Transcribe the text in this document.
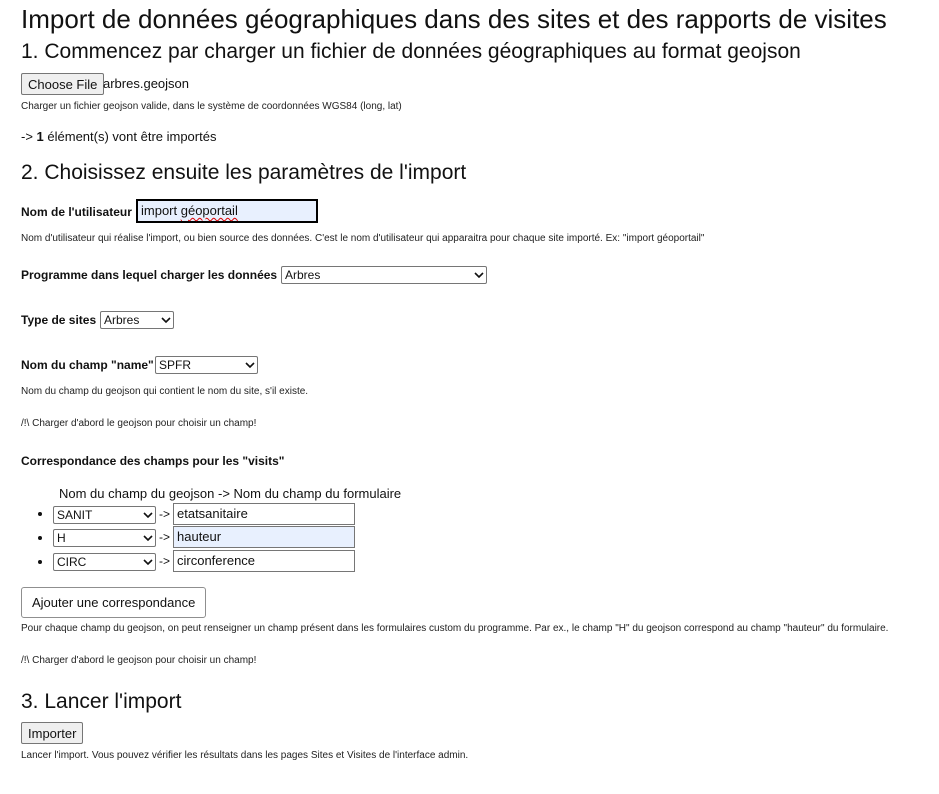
Import de données géographiques dans des sites et des rapports de visites
1. Commencez par charger un fichier de données géographiques au format geojson
Choose File arbres.geojson
Charger un fichier geojson valide, dans le système de coordonnées WGS84 (long, lat)
-> 1 élément(s) vont être importés
2. Choisissez ensuite les paramètres de l'import
Nom de l'utilisateur import géoportail
Nom d'utilisateur qui réalise l'import, ou bien source des données. C'est le nom d'utilisateur qui apparaitra pour chaque site importé. Ex: "import géoportail"
Programme dans lequel charger les données Arbres
Type de sites Arbres
Nom du champ "name" SPFR
Nom du champ du geojson qui contient le nom du site, s'il existe.
/!\ Charger d'abord le geojson pour choisir un champ!
Correspondance des champs pour les "visits"
Nom du champ du geojson -> Nom du champ du formulaire
SANIT	-> etatsanitaire
H	-> hauteur
CIRC	-> circonference
Ajouter une correspondance
Pour chaque champ du geojson, on peut renseigner un champ présent dans les formulaires custom du programme. Par ex., le champ "H" du geojson correspond au champ "hauteur" du formulaire.
/!\ Charger d'abord le geojson pour choisir un champ!
3. Lancer l'import
Importer
Lancer l'import. Vous pouvez vérifier les résultats dans les pages Sites et Visites de l'interface admin.
